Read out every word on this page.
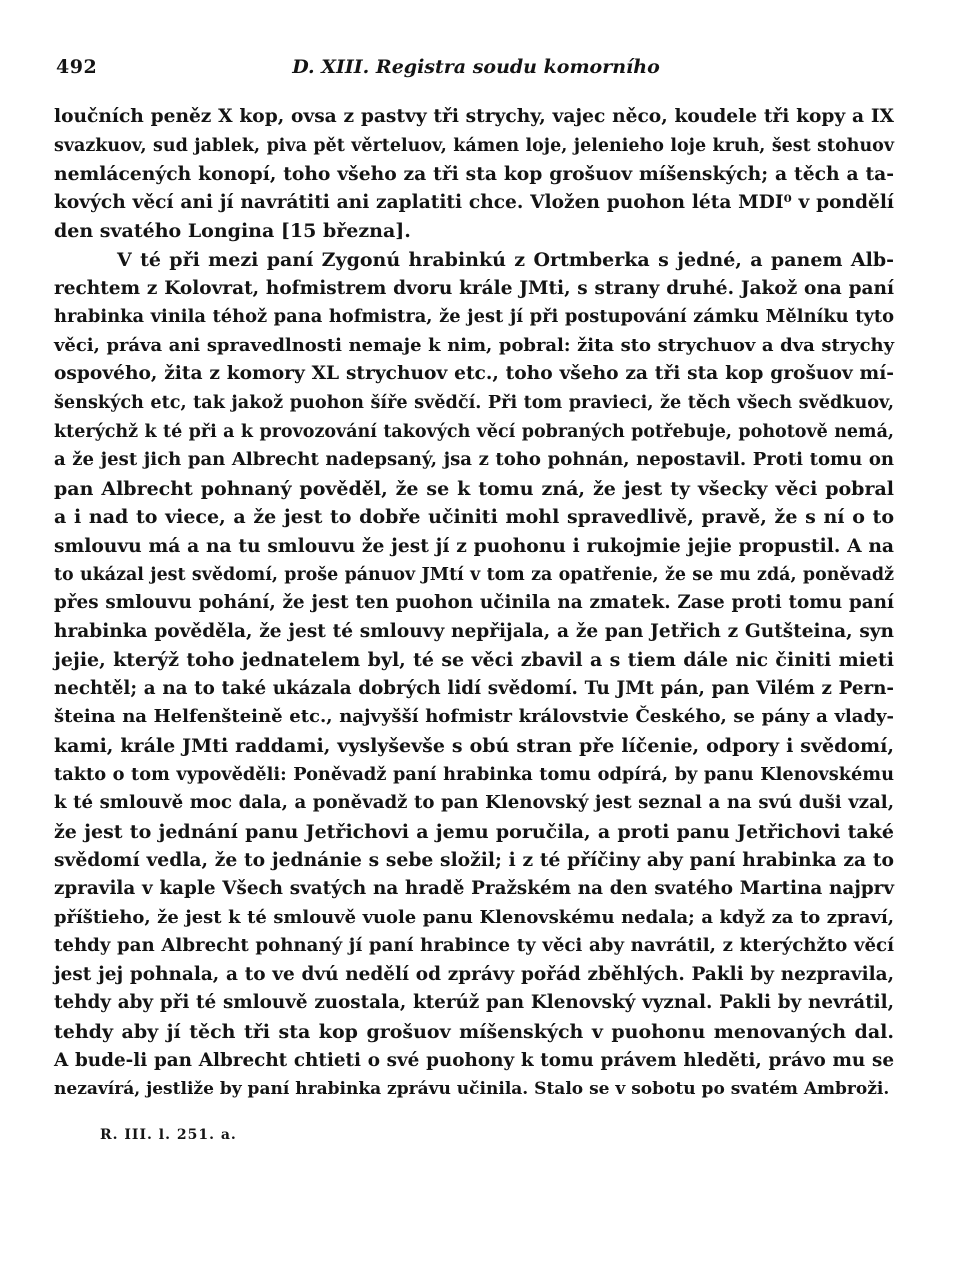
492	D. XIII. Registra soudu komorního
loučních peněz X kop, ovsa z pastvy tři strychy, vajec něco, koudele tři kopy a IX
svazkuov, sud jablek, piva pět věrteluov, kámen loje, jelenieho loje kruh, šest stohuov
nemlácených konopí, toho všeho za tři sta kop grošuov míšenských; a těch a ta-
kových věcí ani jí navrátiti ani zaplatiti chce. Vložen puohon léta MDI⁰ v pondělí
den svatého Longina [15 března].
V té při mezi paní Zygonú hrabinkú z Ortmberka s jedné, a panem Alb-
rechtem z Kolovrat, hofmistrem dvoru krále JMti, s strany druhé. Jakož ona paní
hrabinka vinila téhož pana hofmistra, že jest jí při postupování zámku Mělníku tyto
věci, práva ani spravedlnosti nemaje k nim, pobral: žita sto strychuov a dva strychy
ospového, žita z komory XL strychuov etc., toho všeho za tři sta kop grošuov mí-
šenských etc, tak jakož puohon šíře svědčí. Při tom pravieci, že těch všech svědkuov,
kterýchž k té při a k provozování takových věcí pobraných potřebuje, pohotově nemá,
a že jest jich pan Albrecht nadepsaný, jsa z toho pohnán, nepostavil. Proti tomu on
pan Albrecht pohnaný pověděl, že se k tomu zná, že jest ty všecky věci pobral
a i nad to viece, a že jest to dobře učiniti mohl spravedlivě, pravě, že s ní o to
smlouvu má a na tu smlouvu že jest jí z puohonu i rukojmie jejie propustil. A na
to ukázal jest svědomí, proše pánuov JMtí v tom za opatřenie, že se mu zdá, poněvadž
přes smlouvu pohání, že jest ten puohon učinila na zmatek. Zase proti tomu paní
hrabinka pověděla, že jest té smlouvy nepřijala, a že pan Jetřich z Gutšteina, syn
jejie, kterýž toho jednatelem byl, té se věci zbavil a s tiem dále nic činiti mieti
nechtěl; a na to také ukázala dobrých lidí svědomí. Tu JMt pán, pan Vilém z Pern-
šteina na Helfenšteině etc., najvyšší hofmistr královstvie Českého, se pány a vlady-
kami, krále JMti raddami, vyslyševše s obú stran pře líčenie, odpory i svědomí,
takto o tom vypověděli: Poněvadž paní hrabinka tomu odpírá, by panu Klenovskému
k té smlouvě moc dala, a poněvadž to pan Klenovský jest seznal a na svú duši vzal,
že jest to jednání panu Jetřichovi a jemu poručila, a proti panu Jetřichovi také
svědomí vedla, že to jednánie s sebe složil; i z té příčiny aby paní hrabinka za to
zpravila v kaple Všech svatých na hradě Pražském na den svatého Martina najprv
příštieho, že jest k té smlouvě vuole panu Klenovskému nedala; a když za to zpraví,
tehdy pan Albrecht pohnaný jí paní hrabince ty věci aby navrátil, z kterýchžto věcí
jest jej pohnala, a to ve dvú nedělí od zprávy pořád zběhlých. Pakli by nezpravila,
tehdy aby při té smlouvě zuostala, kterúž pan Klenovský vyznal. Pakli by nevrátil,
tehdy aby jí těch tři sta kop grošuov míšenských v puohonu menovaných dal.
A bude-li pan Albrecht chtieti o své puohony k tomu právem hleděti, právo mu se
nezavírá, jestliže by paní hrabinka zprávu učinila. Stalo se v sobotu po svatém Ambroži.
R. III. l. 251. a.
